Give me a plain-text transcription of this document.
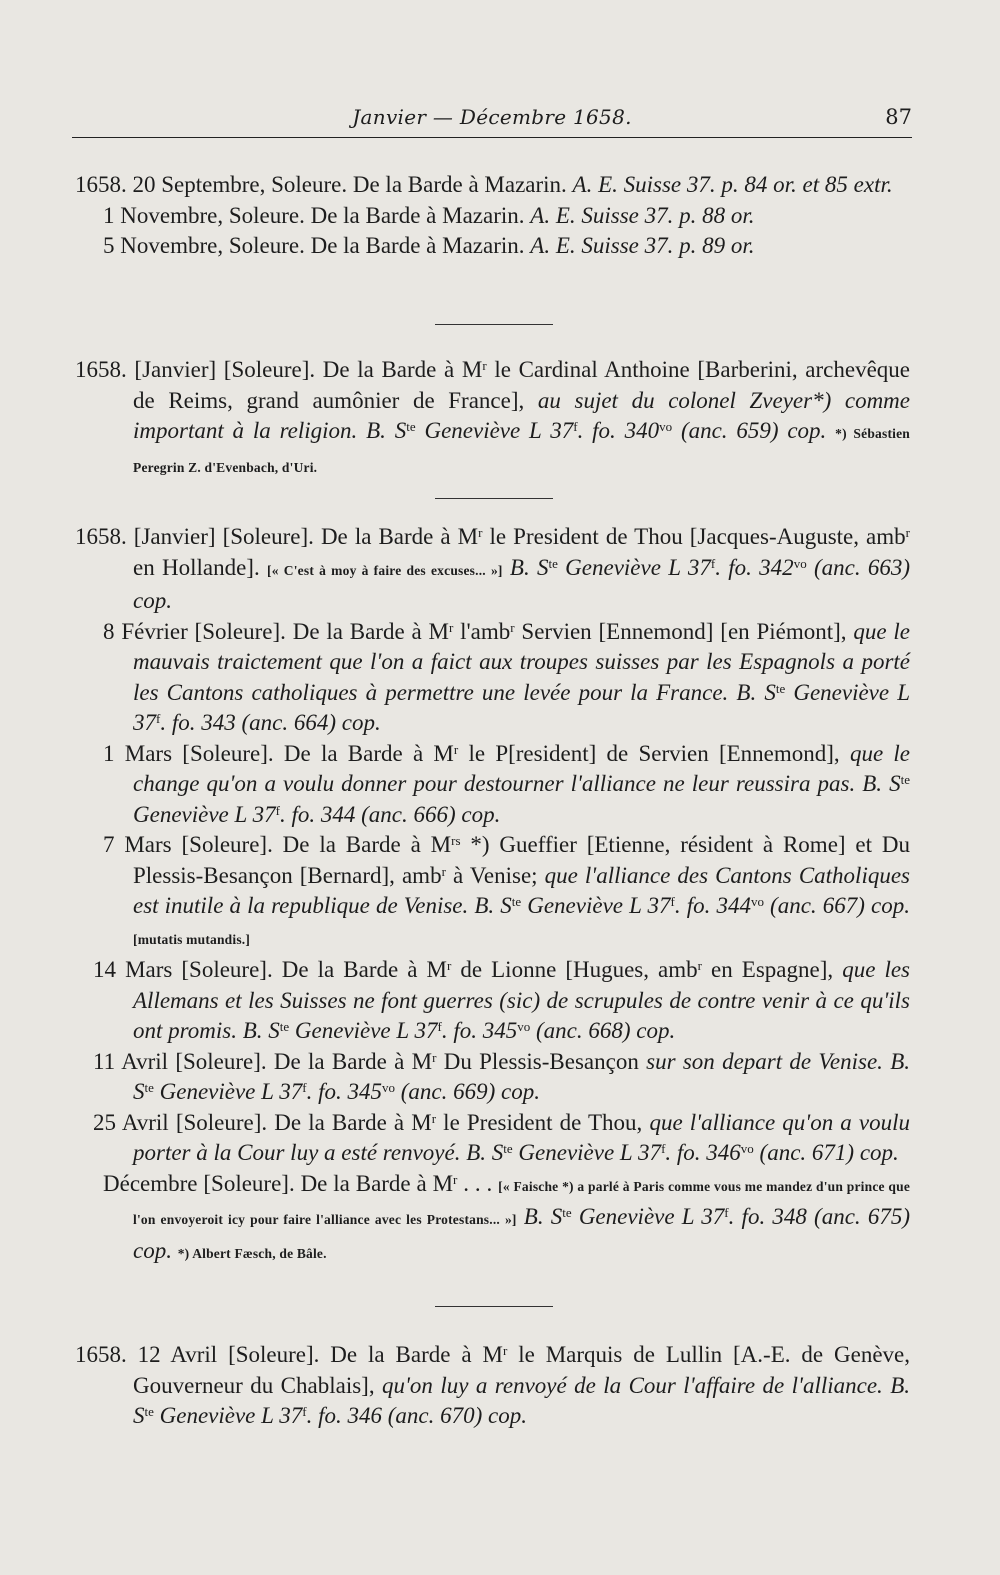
Janvier — Décembre 1658.	87

1658. 20 Septembre, Soleure. De la Barde à Mazarin. A. E. Suisse 37. p. 84 or. et 85 extr.

1 Novembre, Soleure. De la Barde à Mazarin. A. E. Suisse 37. p. 88 or.

5 Novembre, Soleure. De la Barde à Mazarin. A. E. Suisse 37. p. 89 or.

1658. [Janvier] [Soleure]. De la Barde à $M^r$ le Cardinal Anthoine [Barberini, archevêque de Reims, grand aumônier de France], au sujet du colonel Zveyer*) comme important à la religion. B. $S^{te}$ Geneviève L 37$^f$. fo. $340^{vo}$ (anc. 659) cop. *) Sébastien Peregrin Z. d'Evenbach, d'Uri.

1658. [Janvier] [Soleure]. De la Barde à $M^r$ le President de Thou [Jacques-Auguste, amb$^r$ en Hollande]. [« C'est à moy à faire des excuses... »] B. $S^{te}$ Geneviève L 37$^f$. fo. $342^{vo}$ (anc. 663) cop.

8 Février [Soleure]. De la Barde à $M^r$ l'amb$^r$ Servien [Ennemond] [en Piémont], que le mauvais traictement que l'on a faict aux troupes suisses par les Espagnols a porté les Cantons catholiques à permettre une levée pour la France. B. $S^{te}$ Geneviève L 37$^f$. fo. 343 (anc. 664) cop.

1 Mars [Soleure]. De la Barde à $M^r$ le P[resident] de Servien [Ennemond], que le change qu'on a voulu donner pour destourner l'alliance ne leur reussira pas. B. $S^{te}$ Geneviève L 37$^f$. fo. 344 (anc. 666) cop.

7 Mars [Soleure]. De la Barde à $M^{rs}$ *) Gueffier [Etienne, résident à Rome] et Du Plessis-Besançon [Bernard], amb$^r$ à Venise; que l'alliance des Cantons Catholiques est inutile à la republique de Venise. B. $S^{te}$ Geneviève L 37$^f$. fo. $344^{vo}$ (anc. 667) cop. [mutatis mutandis.]

14 Mars [Soleure]. De la Barde à $M^r$ de Lionne [Hugues, amb$^r$ en Espagne], que les Allemans et les Suisses ne font guerres (sic) de scrupules de contre venir à ce qu'ils ont promis. B. $S^{te}$ Geneviève L 37$^f$. fo. $345^{vo}$ (anc. 668) cop.

11 Avril [Soleure]. De la Barde à $M^r$ Du Plessis-Besançon sur son depart de Venise. B. $S^{te}$ Geneviève L 37$^f$. fo. $345^{vo}$ (anc. 669) cop.

25 Avril [Soleure]. De la Barde à $M^r$ le President de Thou, que l'alliance qu'on a voulu porter à la Cour luy a esté renvoyé. B. $S^{te}$ Geneviève L 37$^f$. fo. $346^{vo}$ (anc. 671) cop.

Décembre [Soleure]. De la Barde à $M^r$ . . . [« Faische *) a parlé à Paris comme vous me mandez d'un prince que l'on envoyeroit icy pour faire l'alliance avec les Protestans... »] B. $S^{te}$ Geneviève L 37$^f$. fo. 348 (anc. 675) cop. *) Albert Fæsch, de Bâle.

1658. 12 Avril [Soleure]. De la Barde à $M^r$ le Marquis de Lullin [A.-E. de Genève, Gouverneur du Chablais], qu'on luy a renvoyé de la Cour l'affaire de l'alliance. B. $S^{te}$ Geneviève L 37$^f$. fo. 346 (anc. 670) cop.
